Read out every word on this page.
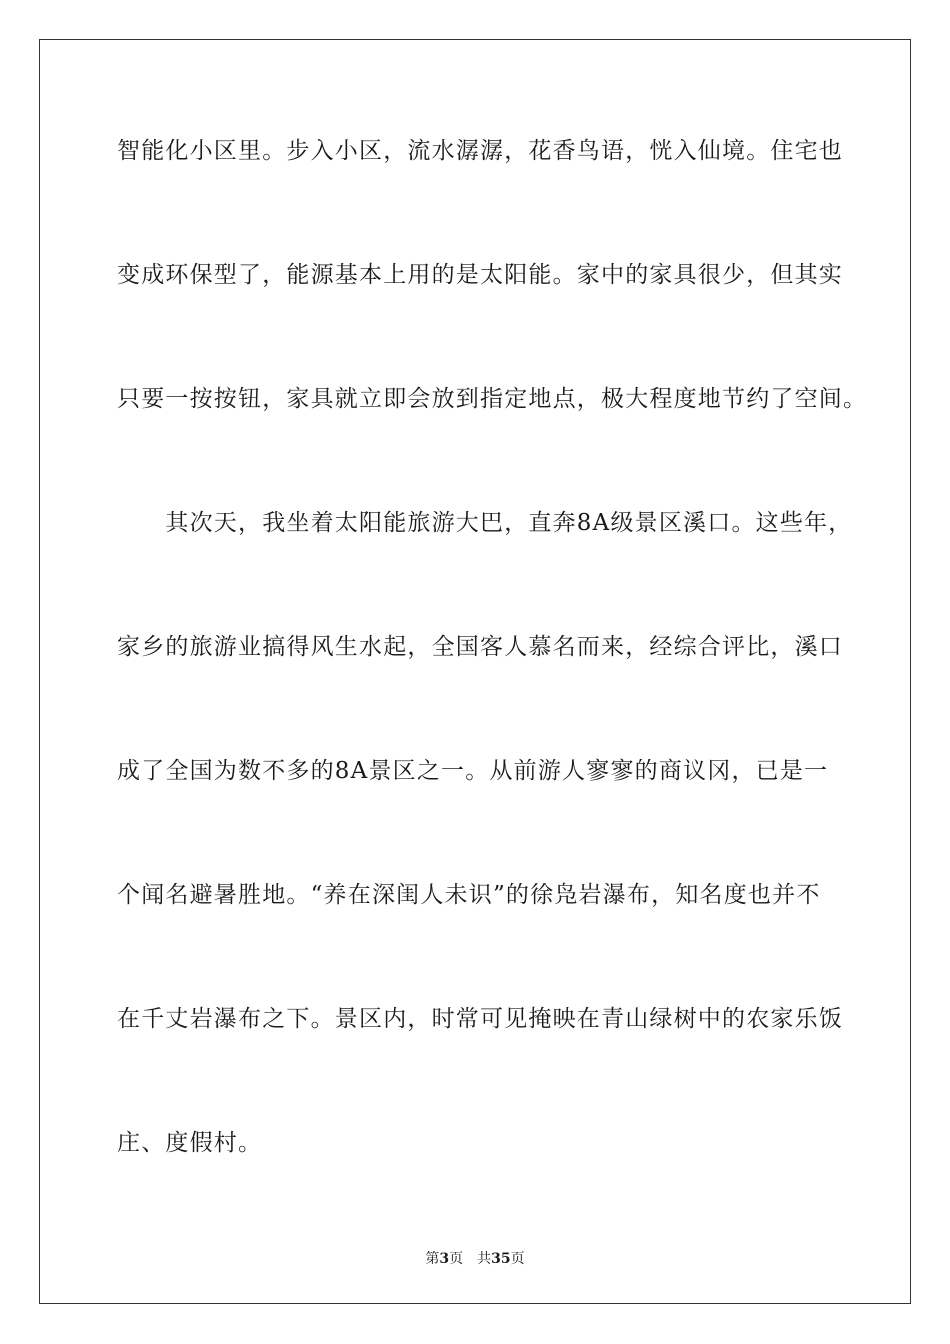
智能化小区里。步入小区，流水潺潺，花香鸟语，恍入仙境。住宅也
变成环保型了，能源基本上用的是太阳能。家中的家具很少，但其实
只要一按按钮，家具就立即会放到指定地点，极大程度地节约了空间。
　　其次天，我坐着太阳能旅游大巴，直奔8A级景区溪口。这些年，
家乡的旅游业搞得风生水起，全国客人慕名而来，经综合评比，溪口
成了全国为数不多的8A景区之一。从前游人寥寥的商议冈，已是一
个闻名避暑胜地。“养在深闺人未识”的徐凫岩瀑布，知名度也并不
在千丈岩瀑布之下。景区内，时常可见掩映在青山绿树中的农家乐饭
庄、度假村。
第3页 共35页
